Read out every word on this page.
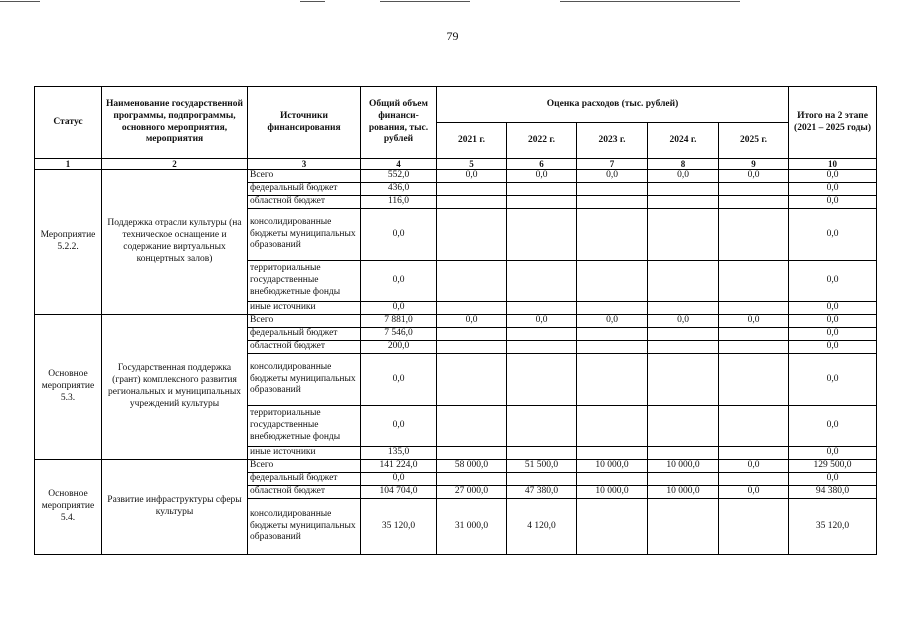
79
Статус	Наименование государственной программы, подпрограммы, основного мероприятия, мероприятия	Источники финансирования	Общий объем финанси-рования, тыс. рублей	Оценка расходов (тыс. рублей)					Итого на 2 этапе (2021 – 2025 годы)
				2021 г.	2022 г.	2023 г.	2024 г.	2025 г.	
1	2	3	4	5	6	7	8	9	10
Мероприятие 5.2.2.	Поддержка отрасли культуры (на техническое оснащение и содержание виртуальных концертных залов)	Всего	552,0	0,0	0,0	0,0	0,0	0,0	0,0
		федеральный бюджет	436,0						0,0
		областной бюджет	116,0						0,0
		консолидированные бюджеты муниципальных образований	0,0						0,0
		территориальные государственные внебюджетные фонды	0,0						0,0
		иные источники	0,0						0,0
Основное мероприятие 5.3.	Государственная поддержка (грант) комплексного развития региональных и муниципальных учреждений культуры	Всего	7 881,0	0,0	0,0	0,0	0,0	0,0	0,0
		федеральный бюджет	7 546,0						0,0
		областной бюджет	200,0						0,0
		консолидированные бюджеты муниципальных образований	0,0						0,0
		территориальные государственные внебюджетные фонды	0,0						0,0
		иные источники	135,0						0,0
Основное мероприятие 5.4.	Развитие инфраструктуры сферы культуры	Всего	141 224,0	58 000,0	51 500,0	10 000,0	10 000,0	0,0	129 500,0
		федеральный бюджет	0,0						0,0
		областной бюджет	104 704,0	27 000,0	47 380,0	10 000,0	10 000,0	0,0	94 380,0
		консолидированные бюджеты муниципальных образований	35 120,0	31 000,0	4 120,0				35 120,0
